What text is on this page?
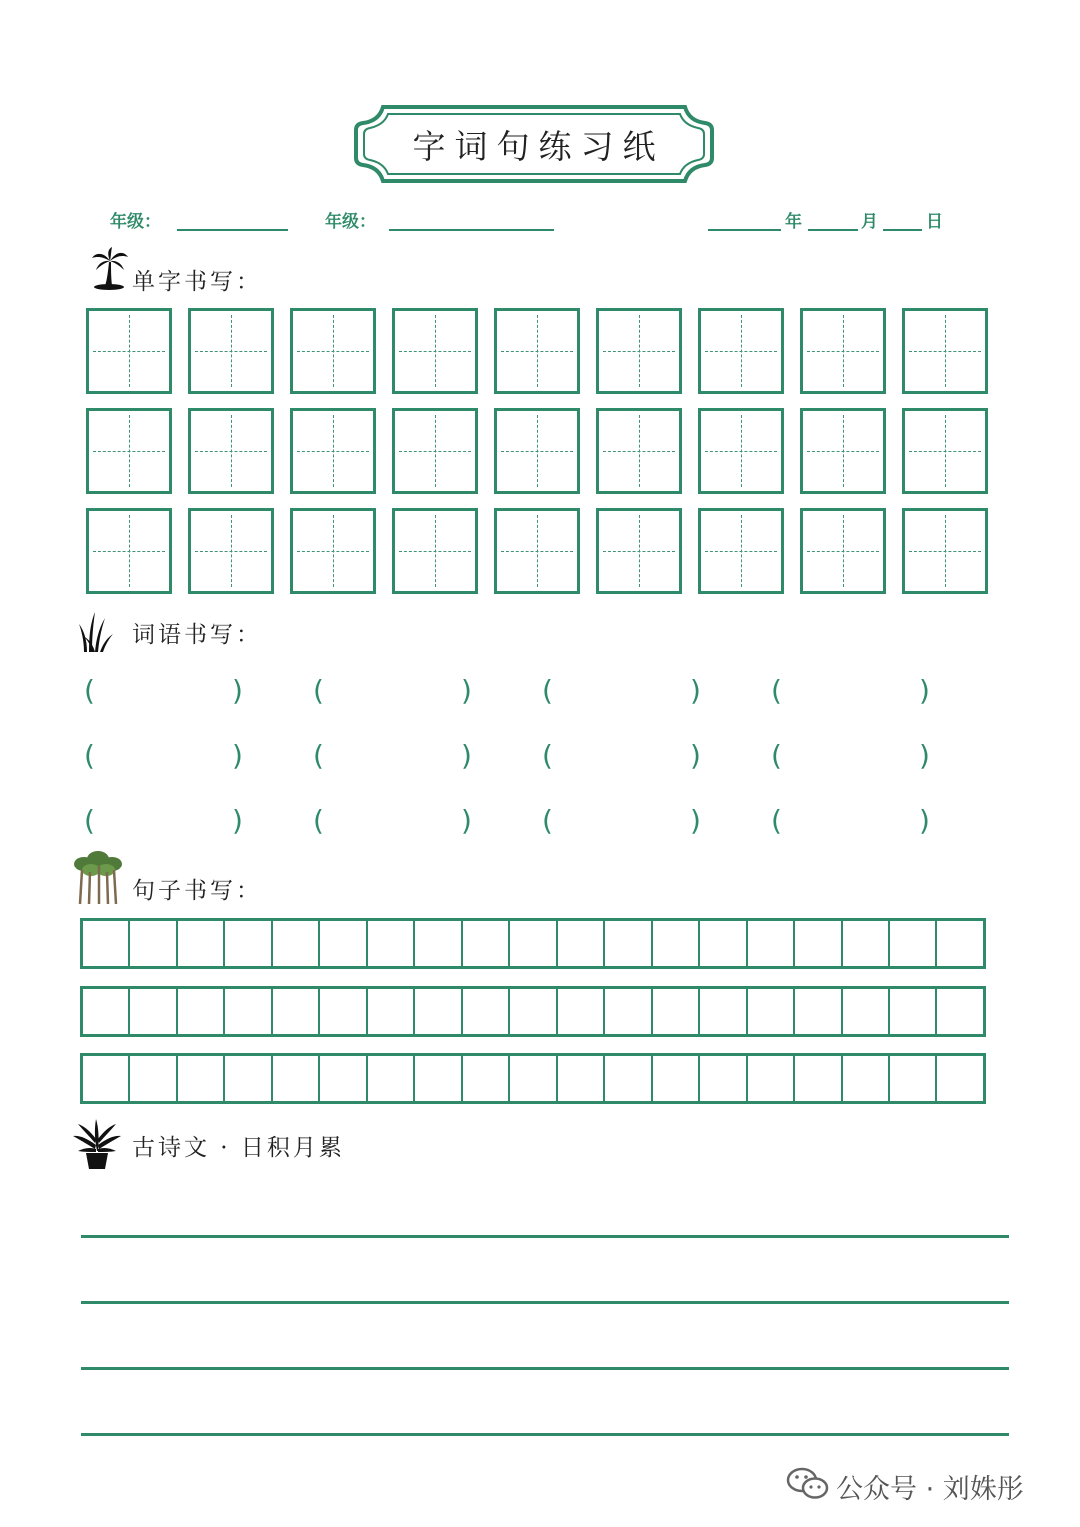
字词句练习纸
年级：	年级：	年	月	日
单字书写：
词语书写：
(	)	(	)	(	)	(	)
(	)	(	)	(	)	(	)
(	)	(	)	(	)	(	)
句子书写：
古诗文 · 日积月累
公众号 · 刘姝彤
